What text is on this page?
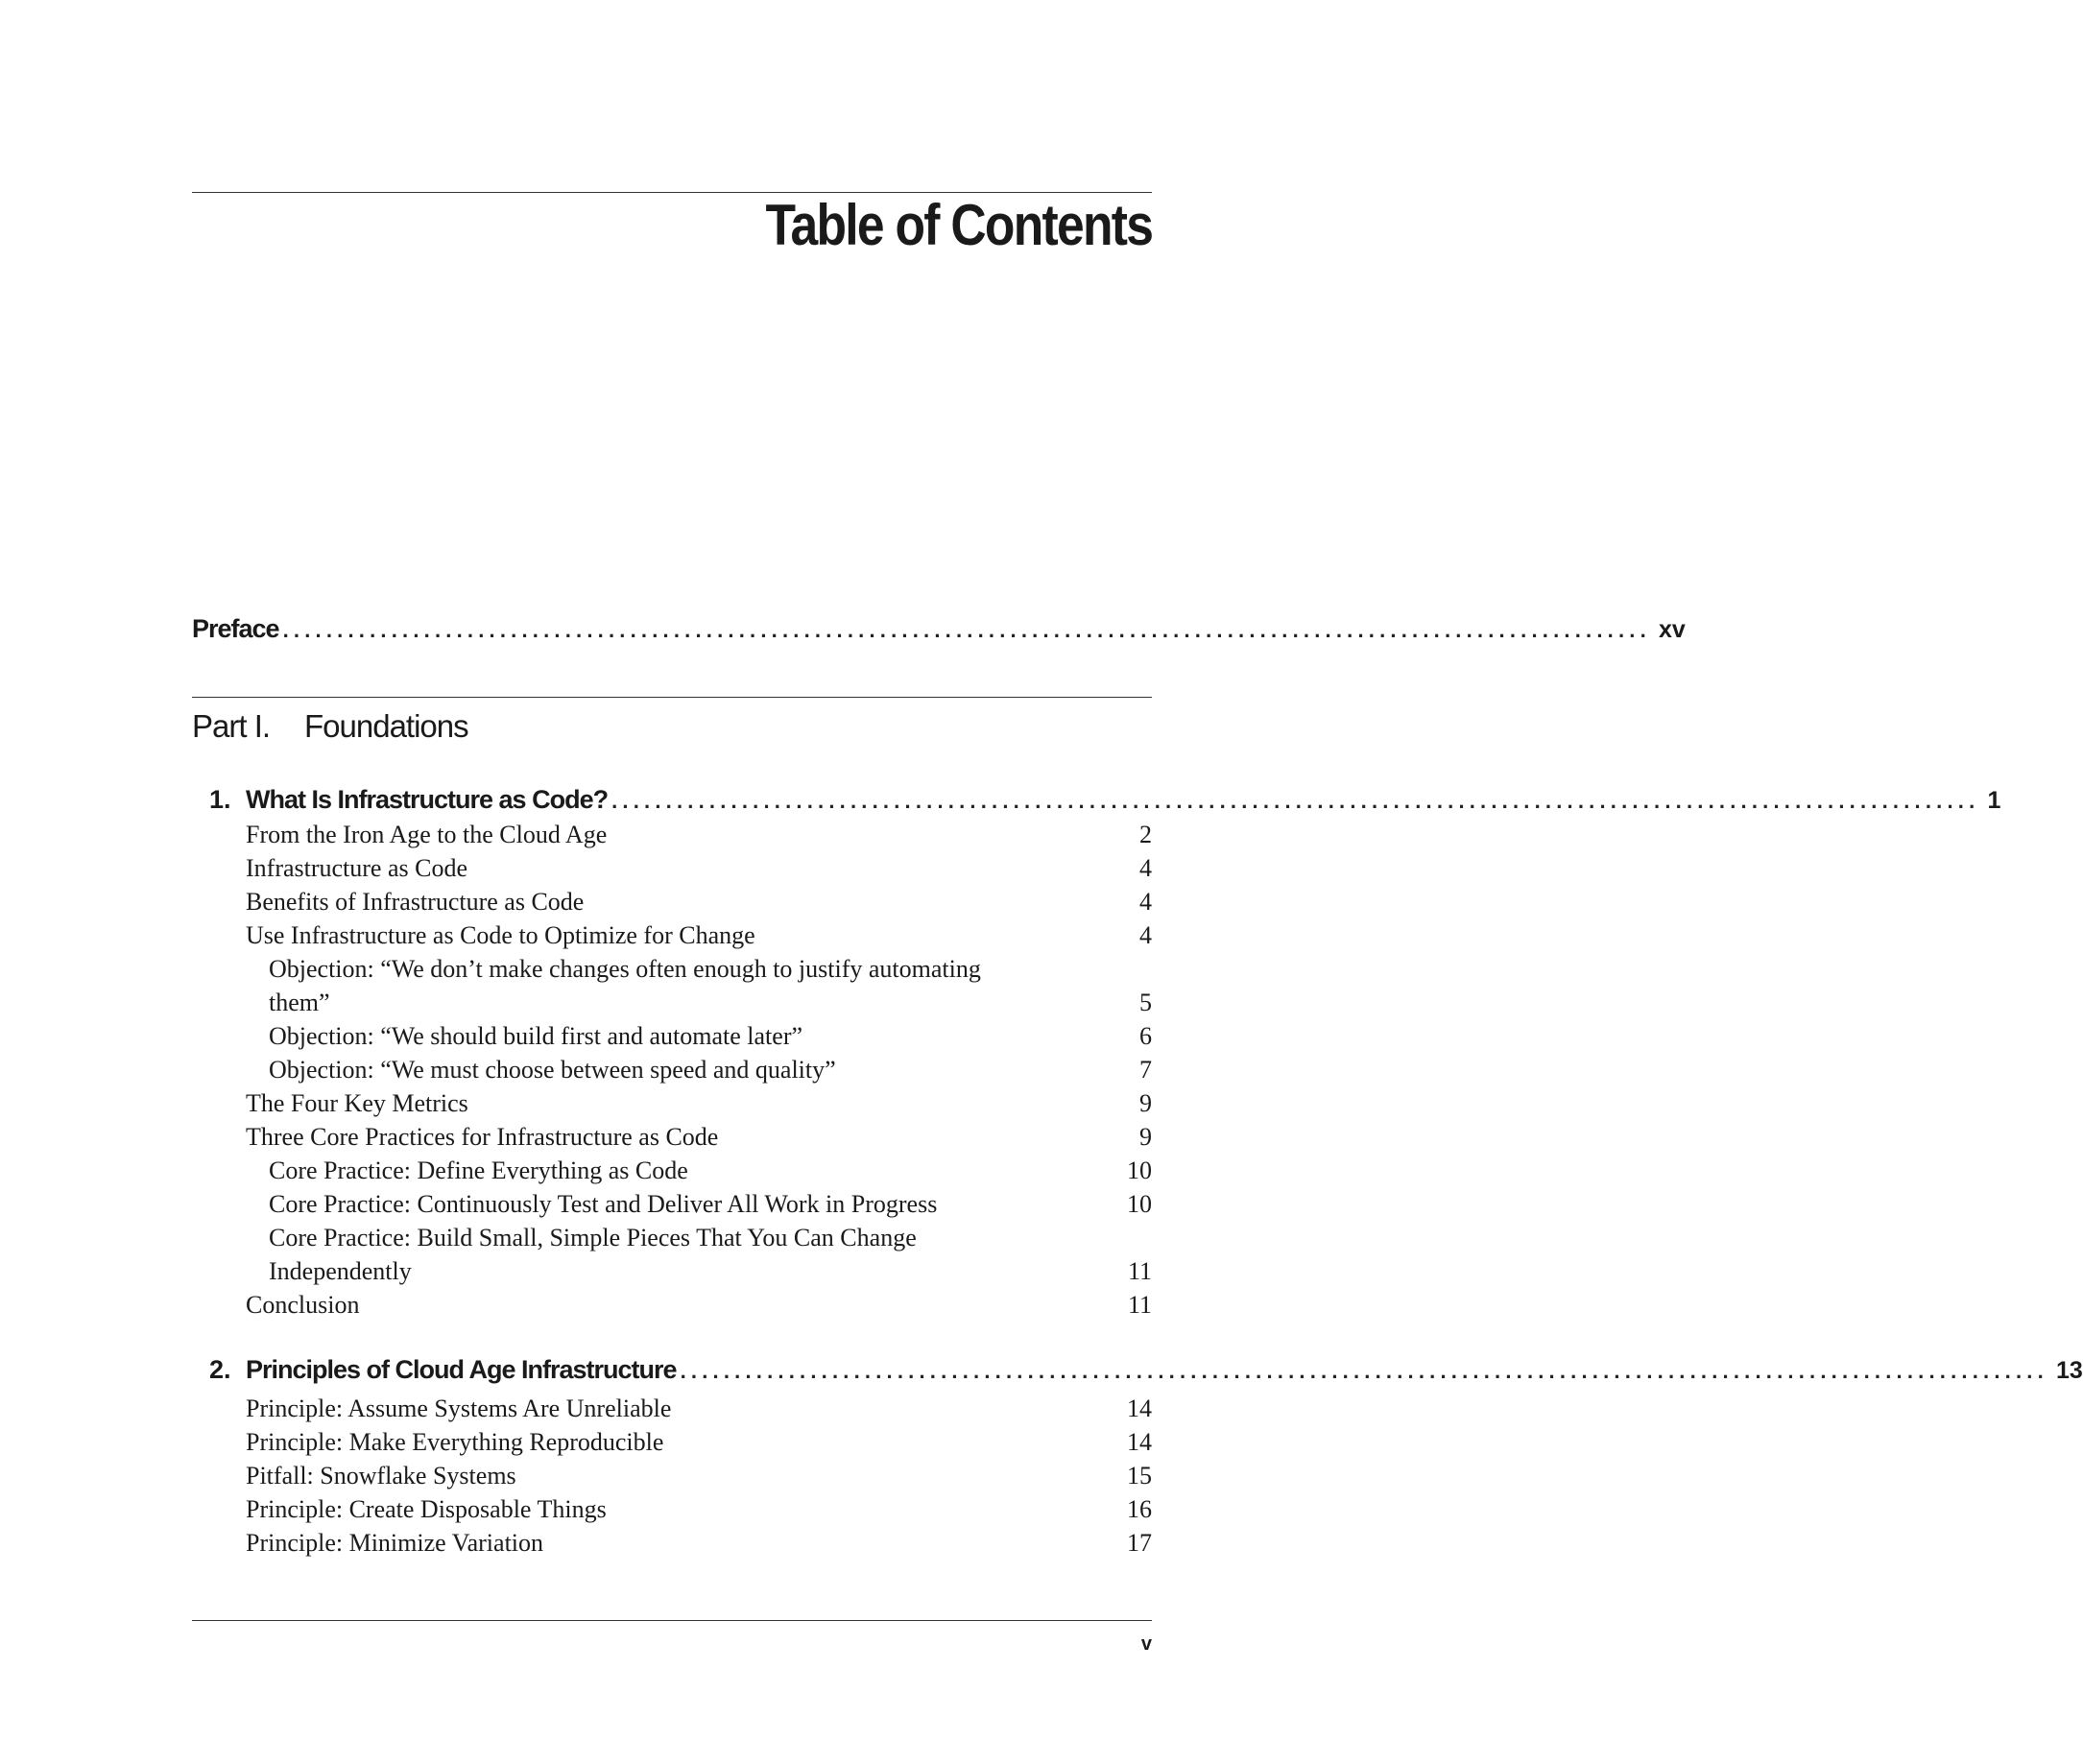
Table of Contents
Preface .............................................................................................................................. xv
Part I. Foundations
1. What Is Infrastructure as Code? .............................................................................................................................. 1
From the Iron Age to the Cloud Age	2
Infrastructure as Code	4
Benefits of Infrastructure as Code	4
Use Infrastructure as Code to Optimize for Change	4
Objection: “We don’t make changes often enough to justify automating
them”	5
Objection: “We should build first and automate later”	6
Objection: “We must choose between speed and quality”	7
The Four Key Metrics	9
Three Core Practices for Infrastructure as Code	9
Core Practice: Define Everything as Code	10
Core Practice: Continuously Test and Deliver All Work in Progress	10
Core Practice: Build Small, Simple Pieces That You Can Change
Independently	11
Conclusion	11
2. Principles of Cloud Age Infrastructure .............................................................................................................................. 13
Principle: Assume Systems Are Unreliable	14
Principle: Make Everything Reproducible	14
Pitfall: Snowflake Systems	15
Principle: Create Disposable Things	16
Principle: Minimize Variation	17
v
